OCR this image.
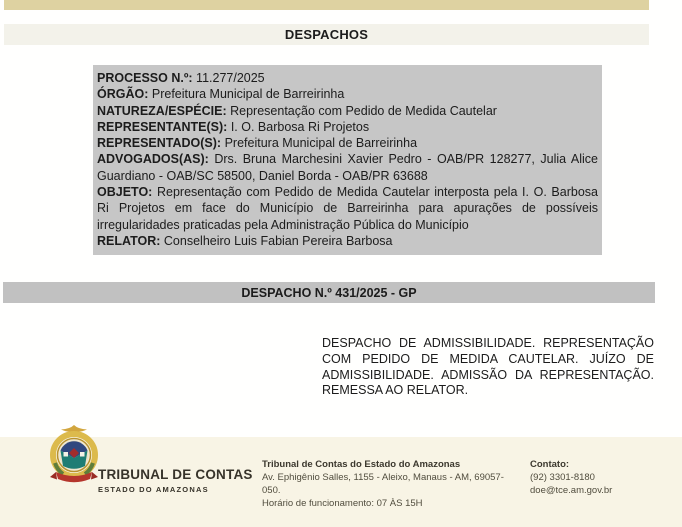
DESPACHOS

PROCESSO N.º: 11.277/2025

ÓRGÃO: Prefeitura Municipal de Barreirinha

NATUREZA/ESPÉCIE: Representação com Pedido de Medida Cautelar

REPRESENTANTE(S): I. O. Barbosa Ri Projetos

REPRESENTADO(S): Prefeitura Municipal de Barreirinha

ADVOGADOS(AS): Drs. Bruna Marchesini Xavier Pedro - OAB/PR 128277, Julia Alice Guardiano - OAB/SC 58500, Daniel Borda - OAB/PR 63688

OBJETO: Representação com Pedido de Medida Cautelar interposta pela I. O. Barbosa Ri Projetos em face do Município de Barreirinha para apurações de possíveis irregularidades praticadas pela Administração Pública do Município

RELATOR: Conselheiro Luis Fabian Pereira Barbosa

DESPACHO N.º 431/2025 - GP
DESPACHO DE ADMISSIBILIDADE. REPRESENTAÇÃO COM PEDIDO DE MEDIDA CAUTELAR. JUÍZO DE ADMISSIBILIDADE. ADMISSÃO DA REPRESENTAÇÃO. REMESSA AO RELATOR.
TRIBUNAL DE CONTAS
ESTADO DO AMAZONAS
Tribunal de Contas do Estado do Amazonas
Av. Ephigênio Salles, 1155 - Aleixo, Manaus - AM, 69057-050.
Horário de funcionamento: 07 ÀS 15H
Contato:
(92) 3301-8180
doe@tce.am.gov.br
